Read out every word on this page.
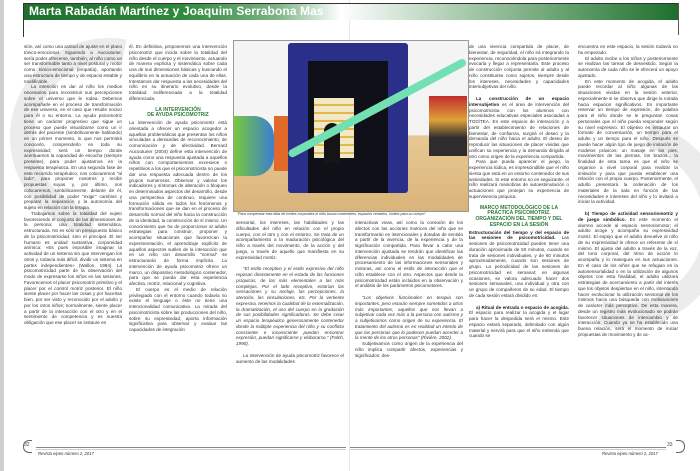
Marta Rabadán Martínez y Joaquim Serrabona Mas

sión, así como una actitud de ajuste en el plano tónico-emocional. Siguiendo a Aucouturier, sería poder ofrecerse, también, al niño como un ser transformable tanto a nivel postural y motor como tónico-emocional (empatía), aportando una estructura de tiempo y de espacio estable y modificable.

La intención es dar al niño los medios necesarios para reconstruir sus percepciones sobre el universo que le rodea. Debemos acompañarle en el proceso de transformación de ese universo, en el caso que resulte nocivo para él o su entorno. La ayuda psicomotriz tiene un carácter progresivo que sigue un proceso que puede visualizarse como un ir detrás del paciente (simbólicamente hablando) en un primer momento, lo que nos permitirá conocerlo, comprenderlo en toda su expresividad; será un tiempo donde acentuamos la capacidad de escucha (siempre presente), para poder ajustarnos en la respuesta terapéutica. En una segunda fase de este recorrido terapéutico, nos colocaremos "al lado", para proponer nosotros y recibir propuestas suyas y, por último, nos colocaremos, simbólicamente, delante de él, con posibilidad de poder "exigir" cambios y preparar la separación y la autonomía del sujeto en relación con la terapia.

Trabajamos sobre la totalidad del sujeto favoreciendo el conjunto de las dimensiones de la persona; una totalidad sistemática, estructurada. No es sólo un presupuesto básico de la psicomotricidad, sino el principal. El ser humano es unidad sustantiva, corporeidad anímica: «Es pues imposible imaginar la actividad de un sistema sin que intervengan los otros y, todavía más difícil, dividir un sistema en partes independientes» (Wallon, 1984). La psicomotricidad parte de la observación del modo de expresarse los niños en las sesiones. Favorecemos el placer psicomotriz primitivo y el placer por el control motriz posterior. El niño siente placer por hacer las cosas y por hacerlas bien, por ser visto y reconocido por el adulto y por los otros niños; normalmente, siente placer a partir de la interacción con el otro y en el sentimiento de competencia y es nuestra obligación que ese placer se instaure en

él. En definitiva, proponemos una intervención psicomotriz que incida sobre la totalidad del niño desde el cuerpo y el movimiento, actuando de manera explícita y sistemática sobre cada una de sus dimensiones básicas y buscando el equilibrio en la actuación de cada una de ellas. Intentamos dar respuesta a las necesidades del niño en su itinerario evolutivo, desde la totalidad indiferenciada a la totalidad diferenciada.

LA INTERVENCIÓN
DE AYUDA PSICOMOTRIZ

La intervención de ayuda psicomotriz está orientada a ofrecer un espacio acogedor a aquellas problemáticas que presentan los niños vinculadas a demandas de reconocimiento, de comunicación y de afectividad. Bernard Aucouturier (2004) define esta intervención de ayuda como una respuesta ajustada a aquellos niños con comportamientos excesivos o repetitivos a los que el psicomotricista no puede dar una respuesta adecuada dentro de los grupos numerosos. Observar y valorar los indicadores y síntomas de alteración o bloqueo en determinados aspectos del desarrollo, desde una perspectiva de continuo, requiere una formación sólida en todos los fenómenos y transformaciones que se dan en el proceso de desarrollo normal del niño hacia la construcción de la identidad, la construcción de sí mismo. Un conocimiento que ha de proporcionar al adulto estrategias para construir, proponer y acompañar situaciones que favorezcan la experimentación, el aprendizaje explícito de aquellos aspectos sutiles de la interacción que en un niño con desarrollo "normal" se estructurarán de forma implícita. La intervención de ayuda psicomotriz ofrece un marco, un dispositivo metodológico contenedor, para que se pueda dar esta experiencia afectiva, motriz, relacional y cognitiva.

El cuerpo es el medio de relación privilegiado con el entorno cuando todavía no existe el lenguaje o éste no tiene una intencionalidad comunicativa. La mirada del psicomotricista sobre las producciones del niño, sobre su expresividad, aporta información significativa para observar y evaluar las capacidades de integración

"Para compensar esta falta de límites corporales el niño busca continentes, espacios cerrados, límites para su cuerpo"

sensorial, los intereses, las habilidades y las dificultades del niño en relación con el propio cuerpo, con el otro y con el entorno. Se trata de un acompañamiento a la maduración psicológica del niño a través del movimiento, de la acción y del juego, a través de aquello que manifiesta en su expresividad motriz.

"El estilo receptivo y el estilo expresivo del niño reposan directamente en el estado de las funciones psíquicas, de las más elementales a las más complejas. Por el lado receptivo, estarían las sensaciones y su anclaje, las percepciones, la atención, las vinculaciones, etc. Por la vertiente expresiva, tenemos la cualidad de la externalización, la dramatización, el uso del cuerpo en la gradación de sus posibilidades significadoras. Se debe crear un espacio terapéutico generosamente contenedor donde la múltiple experiencia del niño y su conflicto consciente e inconsciente puedan encontrar expresión, puedan significarse y elaborarse." (Falch, 1990).

La intervención de ayuda psicomotriz favorece el aumento de las modalidades

interactivas vivas, así como la conexión de los afectos con las acciones motrices del niño que se transformarán en intencionales y dotadas de sentido a partir de la vivencia, de la experiencia y de la significación compartida. Para llevar a cabo una intervención ajustada se tendrán que identificar las diferencias individuales en las modalidades de procesamiento de las informaciones sensoriales y motoras, así como el estilo de interacción que el niño establece con el otro. Aspectos que desde la psicomotricidad están incluidos en la observación y el análisis de los parámetros psicomotores.

"Los objetivos funcionales en terapia son importantes, pero estarán siempre sometidos a otros más importantes, aquellos que nos llevan a subjetivar cada vez más a la persona con autismo y a subjetivarnos como origen de su experiencia. El tratamiento del autismo es en realidad un intento de que las personas que lo padecen puedan acceder a la mente de los otros personas" (Rivière, 2002).

Subjetivarnos como origen de la experiencia del niño implica compartir afectos, experiencias y significados; des-

de una vivencia compartida de placer, de bienestar, de seguridad, el niño irá integrando la experiencia, reconociéndola para posteriormente evocarla y llegar a representarla. Este proceso de construcción conjunta permite al adulto y al niño constituirse como sujetos, siempre desde los intereses, necesidades y capacidades intersubjetivas del niño.

La construcción de un espacio intersubjetivo es el área de intervención del psicomotricista con los alumnos con necesidades educativas especiales asociadas a TGD/TEA. En este espacio de interacción y a partir del establecimiento de relaciones de bienestar, de confianza, surgirá el deseo y la demanda del niño hacia el adulto. El deseo de reproducir las situaciones de placer vividas que unifican su experiencia y la demanda dirigida al otro como origen de la experiencia compartida.

Para que pueda aparecer el juego, la experiencia lúdica, es imprescindible que el niño sienta que está en un entorno contenedor de sus ansiedades. Si este entorno no es seguizante, el niño realizará maniobras de autoestimulación o actuaciones que protejan su experiencia de supervivencia psíquica.

MARCO METODOLÓGICO DE LA PRÁCTICA PSICOMOTRIZ. ORGANIZACIÓN DEL TIEMPO Y DEL ESPACIO EN LA SESIÓN

Estructuración del tiempo y del espacio de las sesiones de psicomotricidad. Las sesiones de psicomotricidad pueden tener una duración aproximada de 50 minutos, cuando se trata de sesiones individuales, y de 60 minutos aproximadamente, cuando son sesiones de grupo. La periodicidad de las sesiones de psicomotricidad es semanal; en algunas ocasiones, se valora adecuado hacer dos sesiones semanales, una individual y otra con un grupo de compañeros de su edad. El tiempo de cada sesión estará dividido en:

a) Ritual de entrada o espacio de acogida. El espacio para realizar la acogida y el lugar para hacer la despedida será el mismo. Este espacio estará separado, delimitado con algún material y servirá para que el niño entienda que cuando se

encuentra en este espacio, la sesión todavía no ha empezado.

El adulto recibe a los niños y posteriormente se realizan las tareas de desvestido. Según la autonomía de cada niño se le ofrecerá un apoyo ajustado.

En este momento de acogida, el adulto puede recordar al niño algunas de las situaciones vividas en la sesión anterior, especialmente si se observa que dirige la mirada hacia espacios significativos. Es importante reservar un tiempo de expresión, de palabra para el niño donde se le preguntan cosas personales que el niño pueda responder según su nivel expresivo. El objetivo es instaurar un formato de conversación, un tiempo para el adulto y un tiempo para el niño. Después se puede hacer algún tipo de juego de imitación de modelos práxicos: un masaje en los pies, movimientos de las piernas, los brazos... la finalidad de esta tarea es que el niño se organice a nivel corporal para realizar la imitación y para que pueda establecer una relación con el propio cuerpo. Posteriormente, el adulto presentará la ordenación de los materiales de la sala en función de las necesidades e intereses del niño y lo invitará a iniciar la actividad.

b) Tiempo de actividad sensoriomotriz y de juego simbólico. En este momento el alumno accede al espacio sensoriomotor; el adulto acoge y acompaña su expresividad motriz. El espejo que el adulto devuelve al niño de su expresividad le ofrece un referente de sí mismo. El ajuste del adulto a través de la voz, del tono corporal, del ritmo de acción lo acompaña y lo reasegura en sus actuaciones. En el caso de los niños que se refugian en la autosensorialidad o en la utilización de algunos objetos con esta finalidad, el adulto utilizará estrategias de acercamiento a partir del interés que los objetos despiertan en el niño, intentando hacer evolucionar la utilización sensorial de los mismos hacia una búsqueda con motivaciones de carácter más perceptivo. De esta manera, desde un registro más evolucionado se podrán favorecer situaciones de intercambio y de interacción. Cuando ya se ha establecido una buena relación, será el momento de iniciar propuestas de movimiento y de ac-

32
Revista eipeo número 2, 2017	Revista eipeo número 2, 2017
33
